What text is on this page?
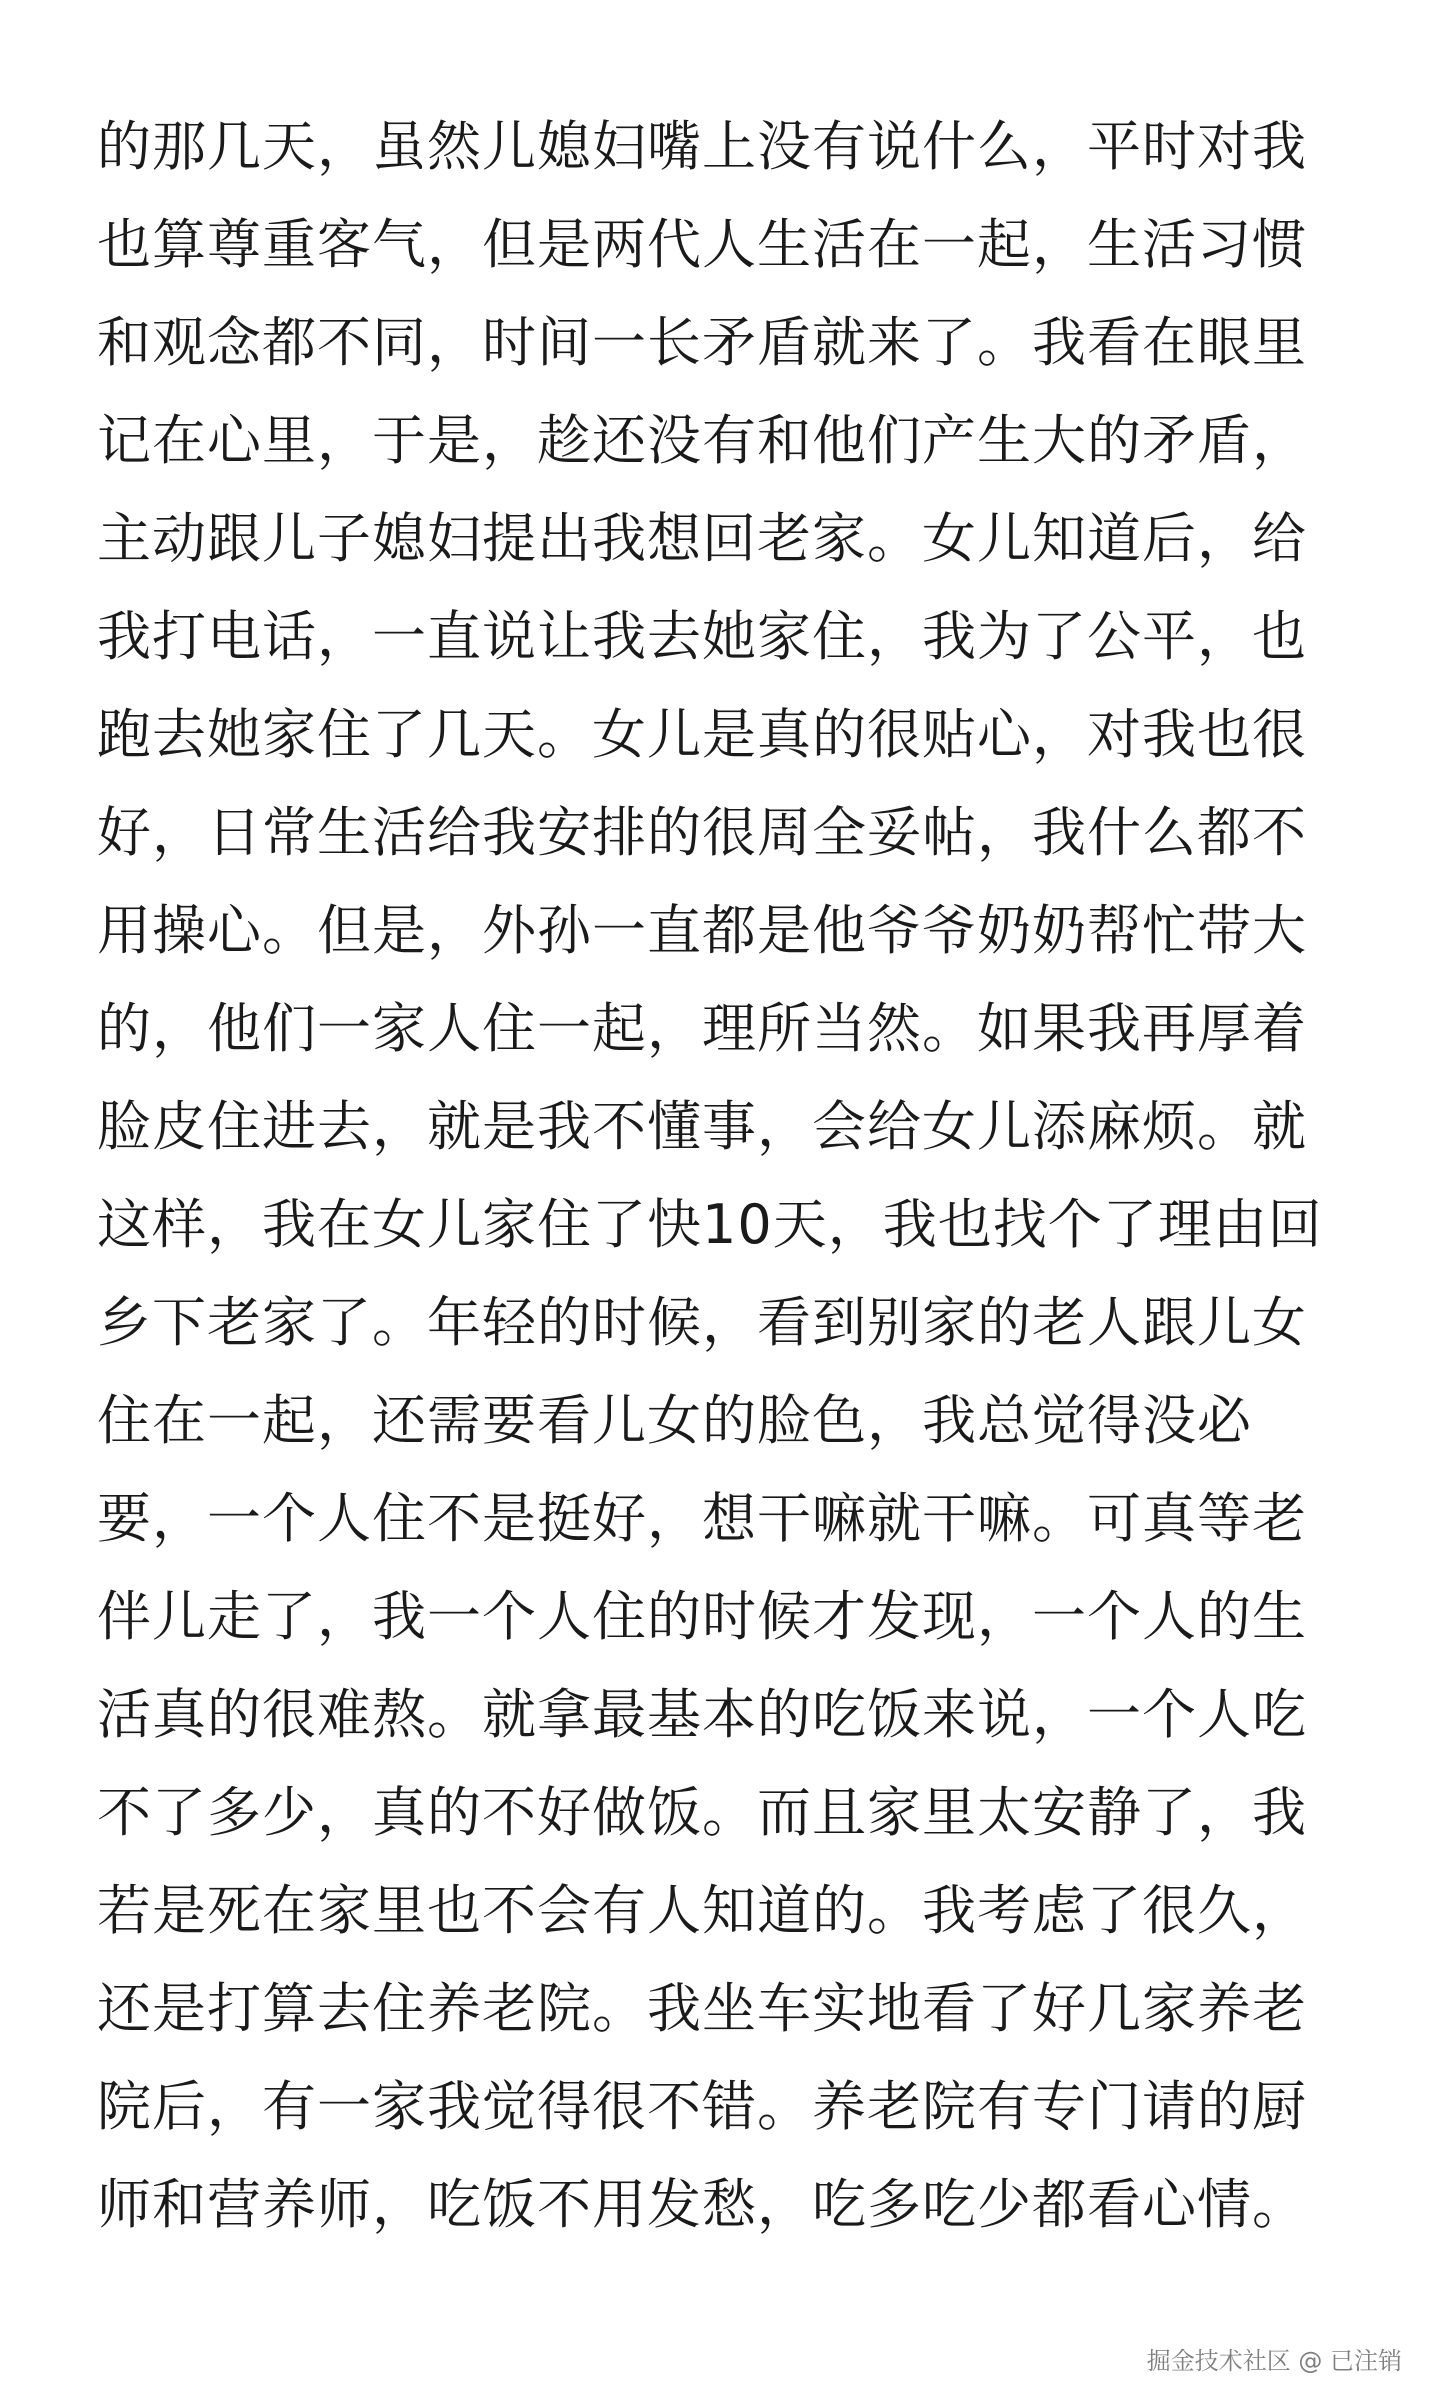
的那几天，虽然儿媳妇嘴上没有说什么，平时对我
也算尊重客气，但是两代人生活在一起，生活习惯
和观念都不同，时间一长矛盾就来了。我看在眼里
记在心里，于是，趁还没有和他们产生大的矛盾，
主动跟儿子媳妇提出我想回老家。女儿知道后，给
我打电话，一直说让我去她家住，我为了公平，也
跑去她家住了几天。女儿是真的很贴心，对我也很
好，日常生活给我安排的很周全妥帖，我什么都不
用操心。但是，外孙一直都是他爷爷奶奶帮忙带大
的，他们一家人住一起，理所当然。如果我再厚着
脸皮住进去，就是我不懂事，会给女儿添麻烦。就
这样，我在女儿家住了快10天，我也找个了理由回
乡下老家了。年轻的时候，看到别家的老人跟儿女
住在一起，还需要看儿女的脸色，我总觉得没必
要，一个人住不是挺好，想干嘛就干嘛。可真等老
伴儿走了，我一个人住的时候才发现，一个人的生
活真的很难熬。就拿最基本的吃饭来说，一个人吃
不了多少，真的不好做饭。而且家里太安静了，我
若是死在家里也不会有人知道的。我考虑了很久，
还是打算去住养老院。我坐车实地看了好几家养老
院后，有一家我觉得很不错。养老院有专门请的厨
师和营养师，吃饭不用发愁，吃多吃少都看心情。
掘金技术社区 @ 已注销
